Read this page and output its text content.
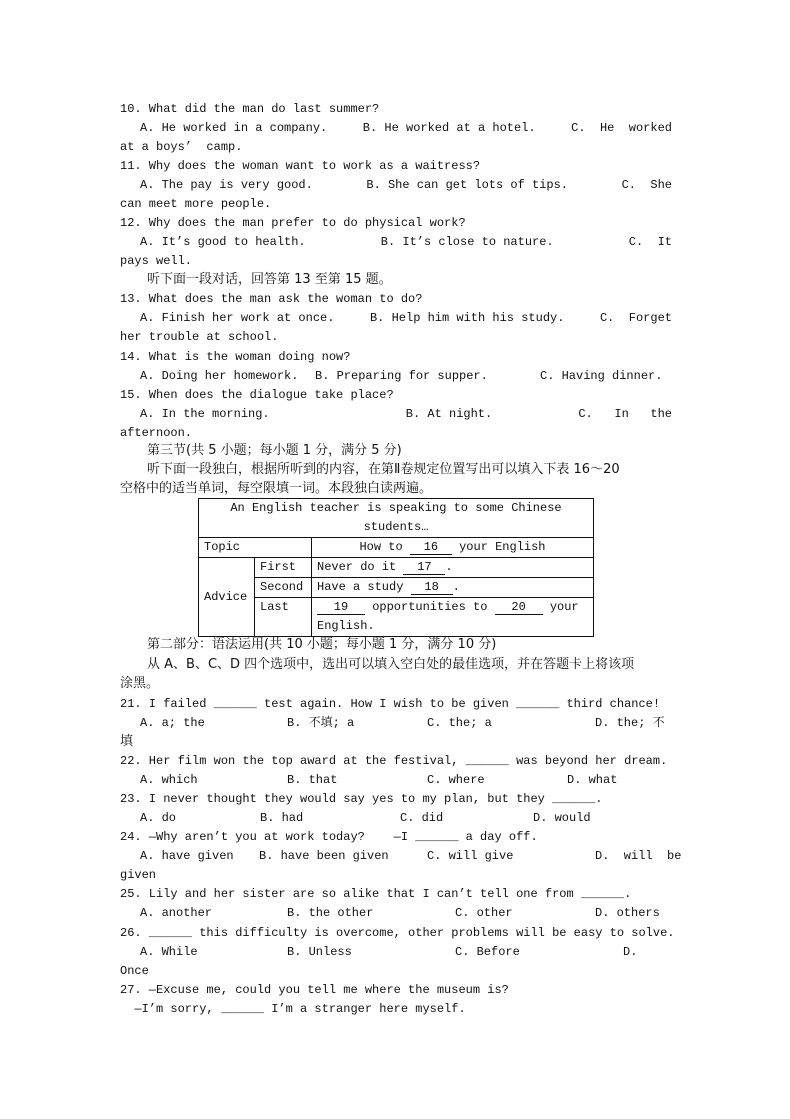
10. What did the man do last summer?
A. He worked in a company.	B. He worked at a hotel.	C.  He  worked
at a boys’  camp.
11. Why does the woman want to work as a waitress?
A. The pay is very good.	B. She can get lots of tips.	C.  She
can meet more people.
12. Why does the man prefer to do physical work?
A. It’s good to health.	B. It’s close to nature.	C.  It
pays well.
听下面一段对话，回答第 13 至第 15 题。
13. What does the man ask the woman to do?
A. Finish her work at once.	B. Help him with his study.	C.  Forget
her trouble at school.
14. What is the woman doing now?
A. Doing her homework. B. Preparing for supper.	C. Having dinner.
15. When does the dialogue take place?
A. In the morning.	B. At night.	C.   In   the
afternoon.
第三节(共 5 小题；每小题 1 分，满分 5 分)
听下面一段独白，根据所听到的内容，在第Ⅱ卷规定位置写出可以填入下表 16～20
空格中的适当单词，每空限填一词。本段独白读两遍。
An English teacher is speaking to some Chinese
students…		
Topic		How to 16 your English
Advice	First	Never do it 17 .
	Second	Have a study 18 .
	Last	19 opportunities to 20 your
English.
第二部分：语法运用(共 10 小题；每小题 1 分，满分 10 分)
从 A、B、C、D 四个选项中，选出可以填入空白处的最佳选项，并在答题卡上将该项
涂黑。
21. I failed ______ test again. How I wish to be given ______ third chance!
A. a; the	B. 不填; a	C. the; a	D. the; 不
填
22. Her film won the top award at the festival, ______ was beyond her dream.
A. which	B. that	C. where	D. what
23. I never thought they would say yes to my plan, but they ______.
A. do	B. had	C. did	D. would
24. —Why aren’t you at work today?    —I ______ a day off.
A. have given B. have been given	C. will give	D.  will  be
given
25. Lily and her sister are so alike that I can’t tell one from ______.
A. another	B. the other	C. other	D. others
26. ______ this difficulty is overcome, other problems will be easy to solve.
A. While	B. Unless	C. Before	D.
Once
27. —Excuse me, could you tell me where the museum is?
—I’m sorry, ______ I’m a stranger here myself.
